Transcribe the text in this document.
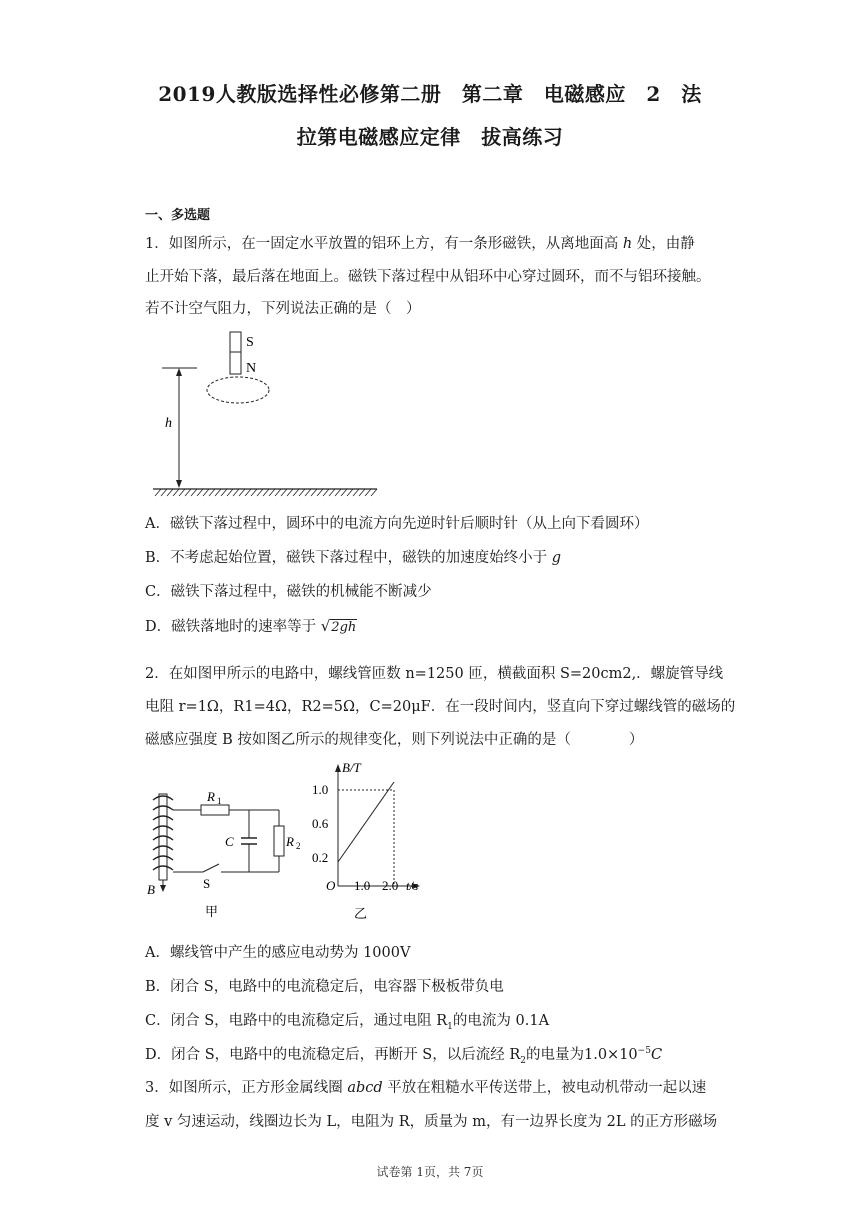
2019人教版选择性必修第二册　第二章　电磁感应　2　法
拉第电磁感应定律　拔高练习
一、多选题
1．如图所示，在一固定水平放置的铝环上方，有一条形磁铁，从离地面高 h 处，由静
止开始下落，最后落在地面上。磁铁下落过程中从铝环中心穿过圆环，而不与铝环接触。
若不计空气阻力，下列说法正确的是（　）
S
N
h
A．磁铁下落过程中，圆环中的电流方向先逆时针后顺时针（从上向下看圆环）
B．不考虑起始位置，磁铁下落过程中，磁铁的加速度始终小于 g
C．磁铁下落过程中，磁铁的机械能不断减少
D．磁铁落地时的速率等于 √2gh
2．在如图甲所示的电路中，螺线管匝数 n=1250 匝，横截面积 S=20cm2,．螺旋管导线
电阻 r=1Ω，R1=4Ω，R2=5Ω，C=20μF．在一段时间内，竖直向下穿过螺线管的磁场的
磁感应强度 B 按如图乙所示的规律变化，则下列说法中正确的是（　　　　）
B
R 1
R 2
C
S
甲
B/T
O
1.0
0.6
0.2
1.0 2.0 t/s
乙
A．螺线管中产生的感应电动势为 1000V
B．闭合 S，电路中的电流稳定后，电容器下极板带负电
C．闭合 S，电路中的电流稳定后，通过电阻 $R_1$的电流为 0.1A
D．闭合 S，电路中的电流稳定后，再断开 S，以后流经 $R_2$的电量为$1.0\times 10^{-5}C$
3．如图所示，正方形金属线圈 abcd 平放在粗糙水平传送带上，被电动机带动一起以速
度 v 匀速运动，线圈边长为 L，电阻为 R，质量为 m，有一边界长度为 2L 的正方形磁场
试卷第 1页，共 7页
